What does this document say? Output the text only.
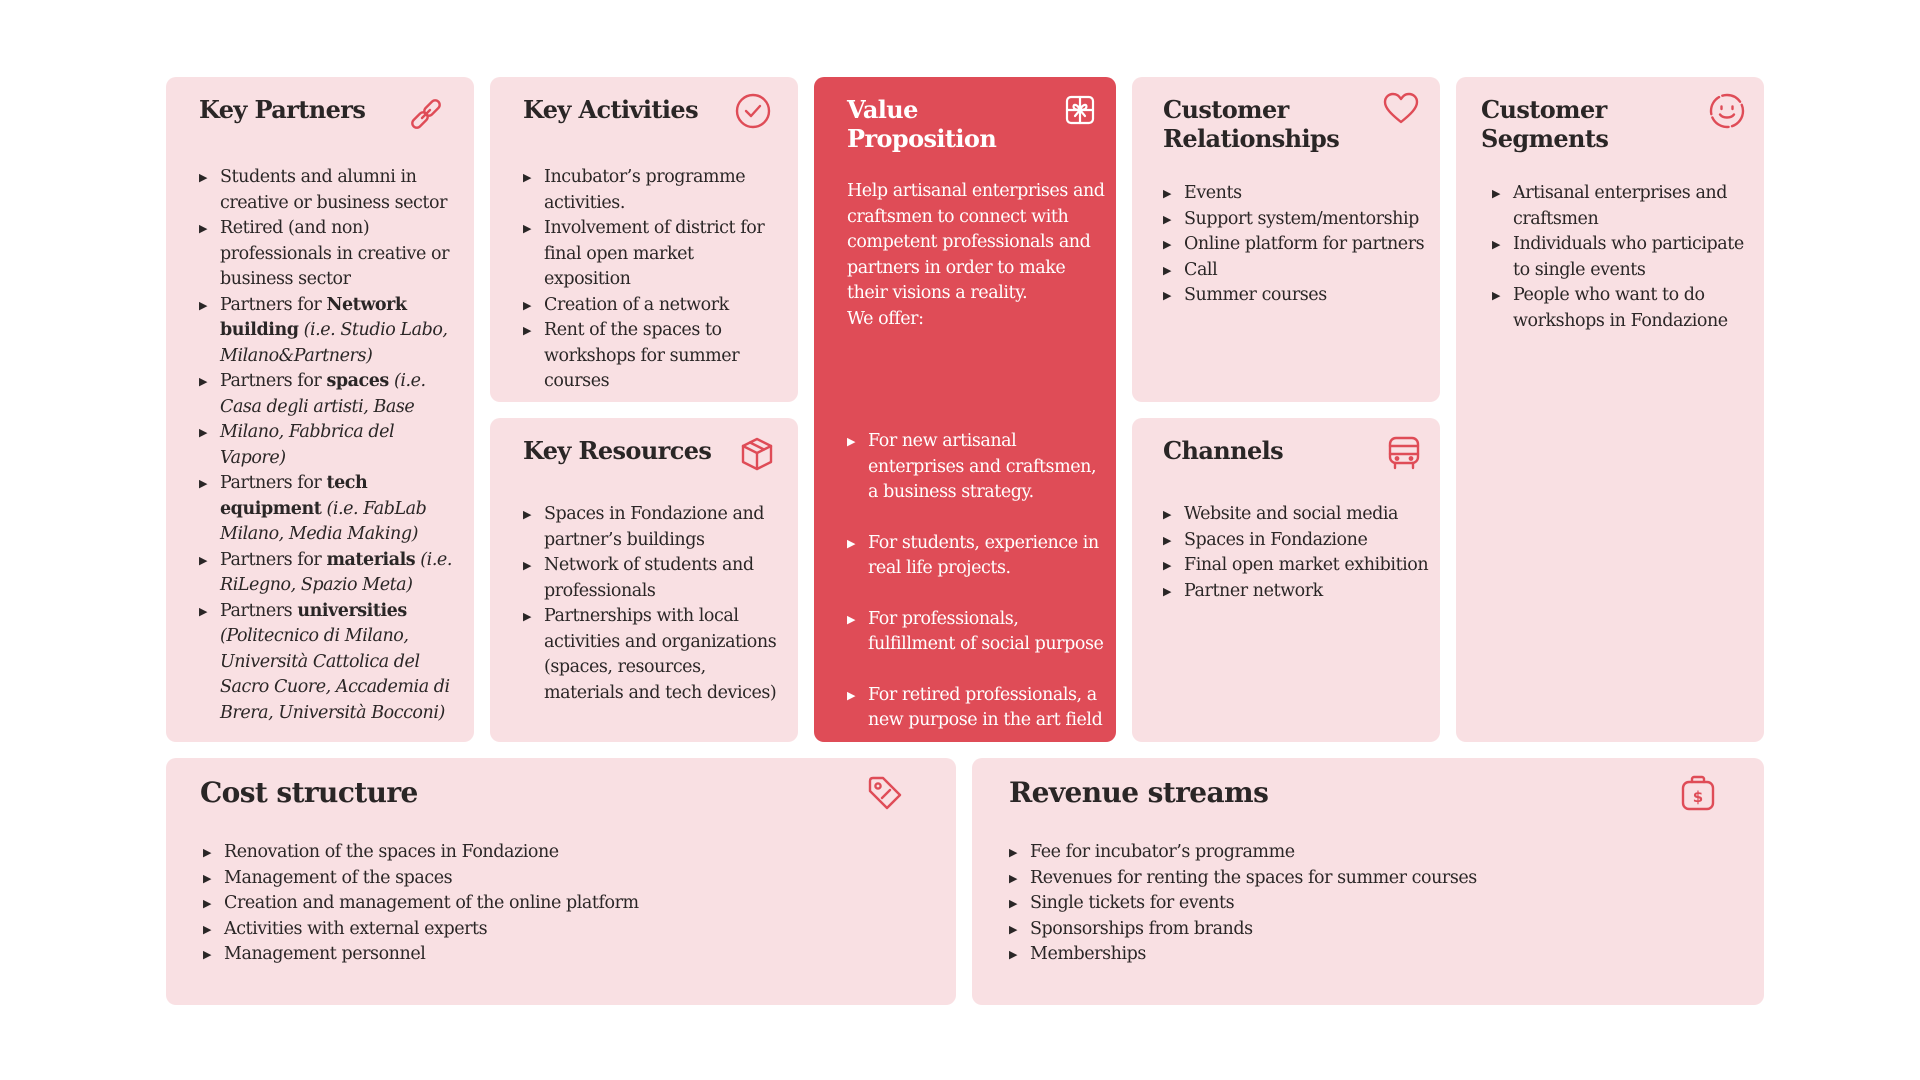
Key Partners
▶ Students and alumni in creative or business sector
▶ Retired (and non) professionals in creative or business sector
▶ Partners for Network building (i.e. Studio Labo, Milano&Partners)
▶ Partners for spaces (i.e. Casa degli artisti, Base
▶ Milano, Fabbrica del Vapore)
▶ Partners for tech equipment (i.e. FabLab Milano, Media Making)
▶ Partners for materials (i.e. RiLegno, Spazio Meta)
▶ Partners universities (Politecnico di Milano, Università Cattolica del Sacro Cuore, Accademia di Brera, Università Bocconi)
Key Activities
▶ Incubator’s programme activities.
▶ Involvement of district for final open market exposition
▶ Creation of a network
▶ Rent of the spaces to workshops for summer courses
Key Resources
▶ Spaces in Fondazione and partner’s buildings
▶ Network of students and professionals
▶ Partnerships with local activities and organizations (spaces, resources, materials and tech devices)
Value Proposition
Help artisanal enterprises and craftsmen to connect with competent professionals and partners in order to make their visions a reality.
We offer:
▶ For new artisanal enterprises and craftsmen, a business strategy.
▶ For students, experience in real life projects.
▶ For professionals, fulfillment of social purpose
▶ For retired professionals, a new purpose in the art field
Customer Relationships
▶ Events
▶ Support system/mentorship
▶ Online platform for partners
▶ Call
▶ Summer courses
Channels
▶ Website and social media
▶ Spaces in Fondazione
▶ Final open market exhibition
▶ Partner network
Customer Segments
▶ Artisanal enterprises and craftsmen
▶ Individuals who participate to single events
▶ People who want to do workshops in Fondazione
Cost structure
▶ Renovation of the spaces in Fondazione
▶ Management of the spaces
▶ Creation and management of the online platform
▶ Activities with external experts
▶ Management personnel
Revenue streams	$
▶ Fee for incubator’s programme
▶ Revenues for renting the spaces for summer courses
▶ Single tickets for events
▶ Sponsorships from brands
▶ Memberships
